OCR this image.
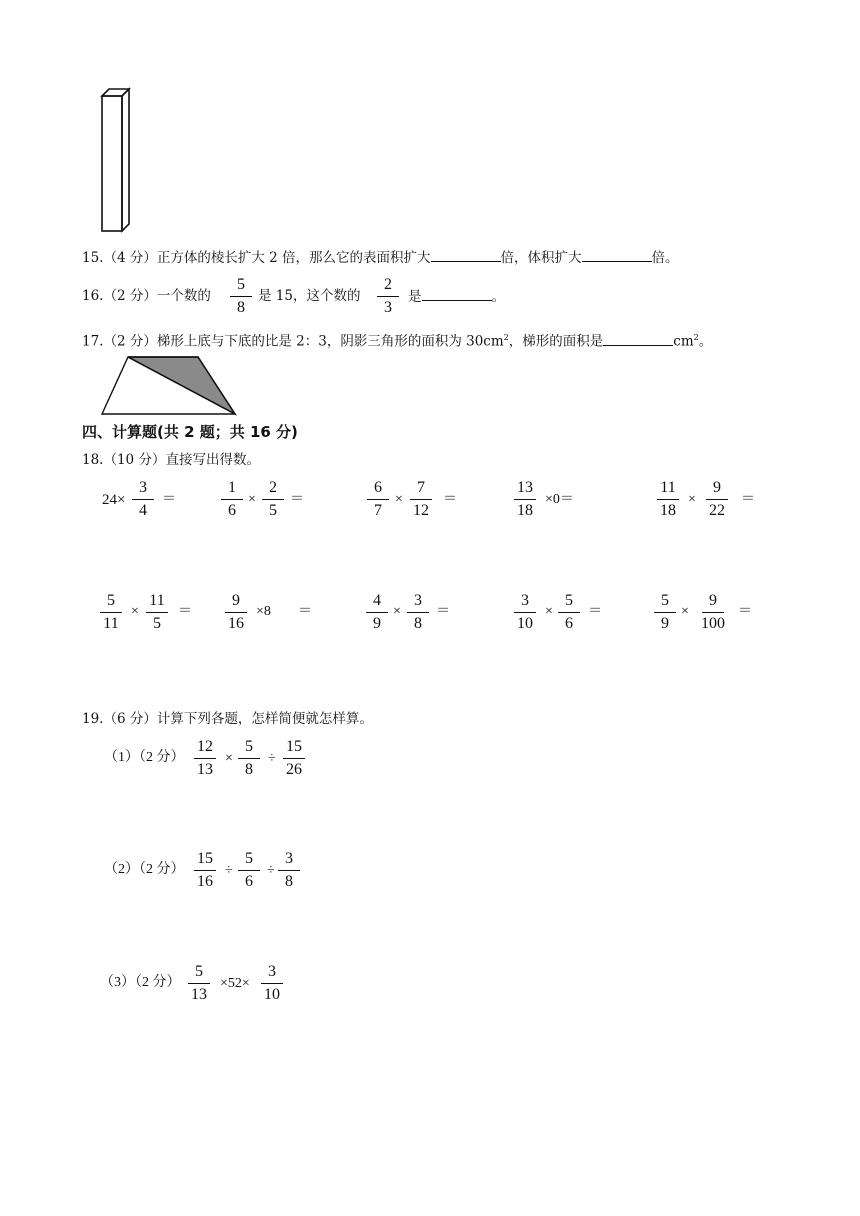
15.（4 分）正方体的棱长扩大 2 倍，那么它的表面积扩大	倍，体积扩大	倍。
16.（2 分）一个数的
5
8
是 15，这个数的
2
3
是	。
17.（2 分）梯形上底与下底的比是 2：3，阴影三角形的面积为 $30cm^2$，梯形的面积是	$cm^2$。
四、计算题(共 2 题；共 16 分)
18.（10 分）直接写出得数。
24×
3
4
＝
1
6
×
2
5
＝
6
7
×
7
12
＝
13
18
×0＝
11
18
×
9
22
＝
5
11
×
11
5
＝
9
16
×8 ＝
4
9
×
3
8
＝
3
10
×
5
6
＝
5
9
×
9
100
＝
19.（6 分）计算下列各题，怎样简便就怎样算。
（1）（2 分）
12
13
×
5
8
÷
15
26
（2）（2 分）
15
16
÷
5
6
÷
3
8
（3）（2 分）
5
13
×52×
3
10
